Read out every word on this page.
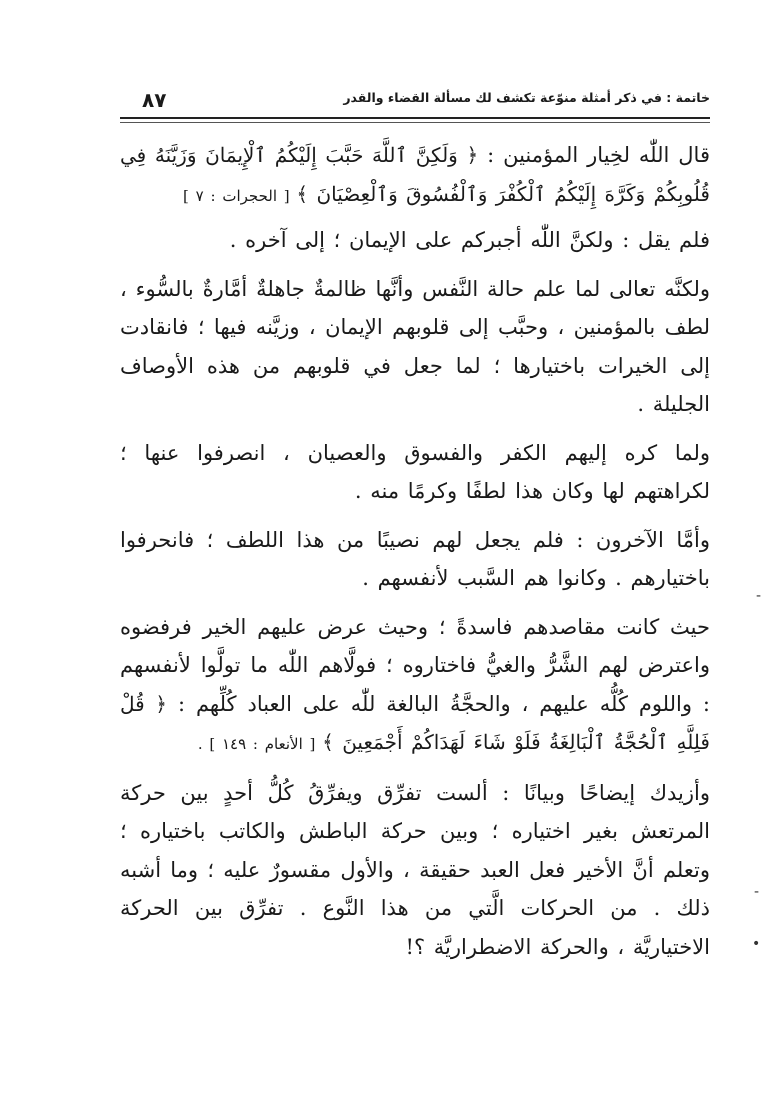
٨٧	خاتمة : في ذكر أمثلة منوّعة تكشف لك مسألة القضاء والقدر

قال اللّٰه لخِيار المؤمنين : ﴿ وَلَكِنَّ ٱللَّهَ حَبَّبَ إِلَيْكُمُ ٱلْإِيمَانَ وَزَيَّنَهُ فِي قُلُوبِكُمْ وَكَرَّهَ إِلَيْكُمُ ٱلْكُفْرَ وَٱلْفُسُوقَ وَٱلْعِصْيَانَ ﴾ [ الحجرات : ٧ ]

فلم يقل : ولكنَّ اللّٰه أجبركم على الإيمان ؛ إلى آخره .

ولكنَّه تعالى لما علم حالة النَّفس وأنَّها ظالمةٌ جاهلةٌ أمَّارةٌ بالسُّوء ، لطف بالمؤمنين ، وحبَّب إلى قلوبهم الإيمان ، وزيَّنه فيها ؛ فانقادت إلى الخيرات باختيارها ؛ لما جعل في قلوبهم من هذه الأوصاف الجليلة .

ولما كره إليهم الكفر والفسوق والعصيان ، انصرفوا عنها ؛ لكراهتهم لها وكان هذا لطفًا وكرمًا منه .

وأمَّا الآخرون : فلم يجعل لهم نصيبًا من هذا اللطف ؛ فانحرفوا باختيارهم . وكانوا هم السَّبب لأنفسهم .

حيث كانت مقاصدهم فاسدةً ؛ وحيث عرض عليهم الخير فرفضوه واعترض لهم الشَّرُّ والغيُّ فاختاروه ؛ فولَّاهم اللّٰه ما تولَّوا لأنفسهم : واللوم كُلُّه عليهم ، والحجَّةُ البالغة للّٰه على العباد كُلِّهم : ﴿ قُلْ فَلِلَّهِ ٱلْحُجَّةُ ٱلْبَالِغَةُ فَلَوْ شَاءَ لَهَدَاكُمْ أَجْمَعِينَ ﴾ [ الأنعام : ١٤٩ ] .

وأزيدك إيضاحًا وبيانًا : ألست تفرِّق ويفرِّقُ كُلُّ أحدٍ بين حركة المرتعش بغير اختياره ؛ وبين حركة الباطش والكاتب باختياره ؛ وتعلم أنَّ الأخير فعل العبد حقيقة ، والأول مقسورٌ عليه ؛ وما أشبه ذلك . من الحركات الَّتي من هذا النَّوع . تفرِّق بين الحركة الاختياريَّة ، والحركة الاضطراريَّة ؟!

-
-
•
